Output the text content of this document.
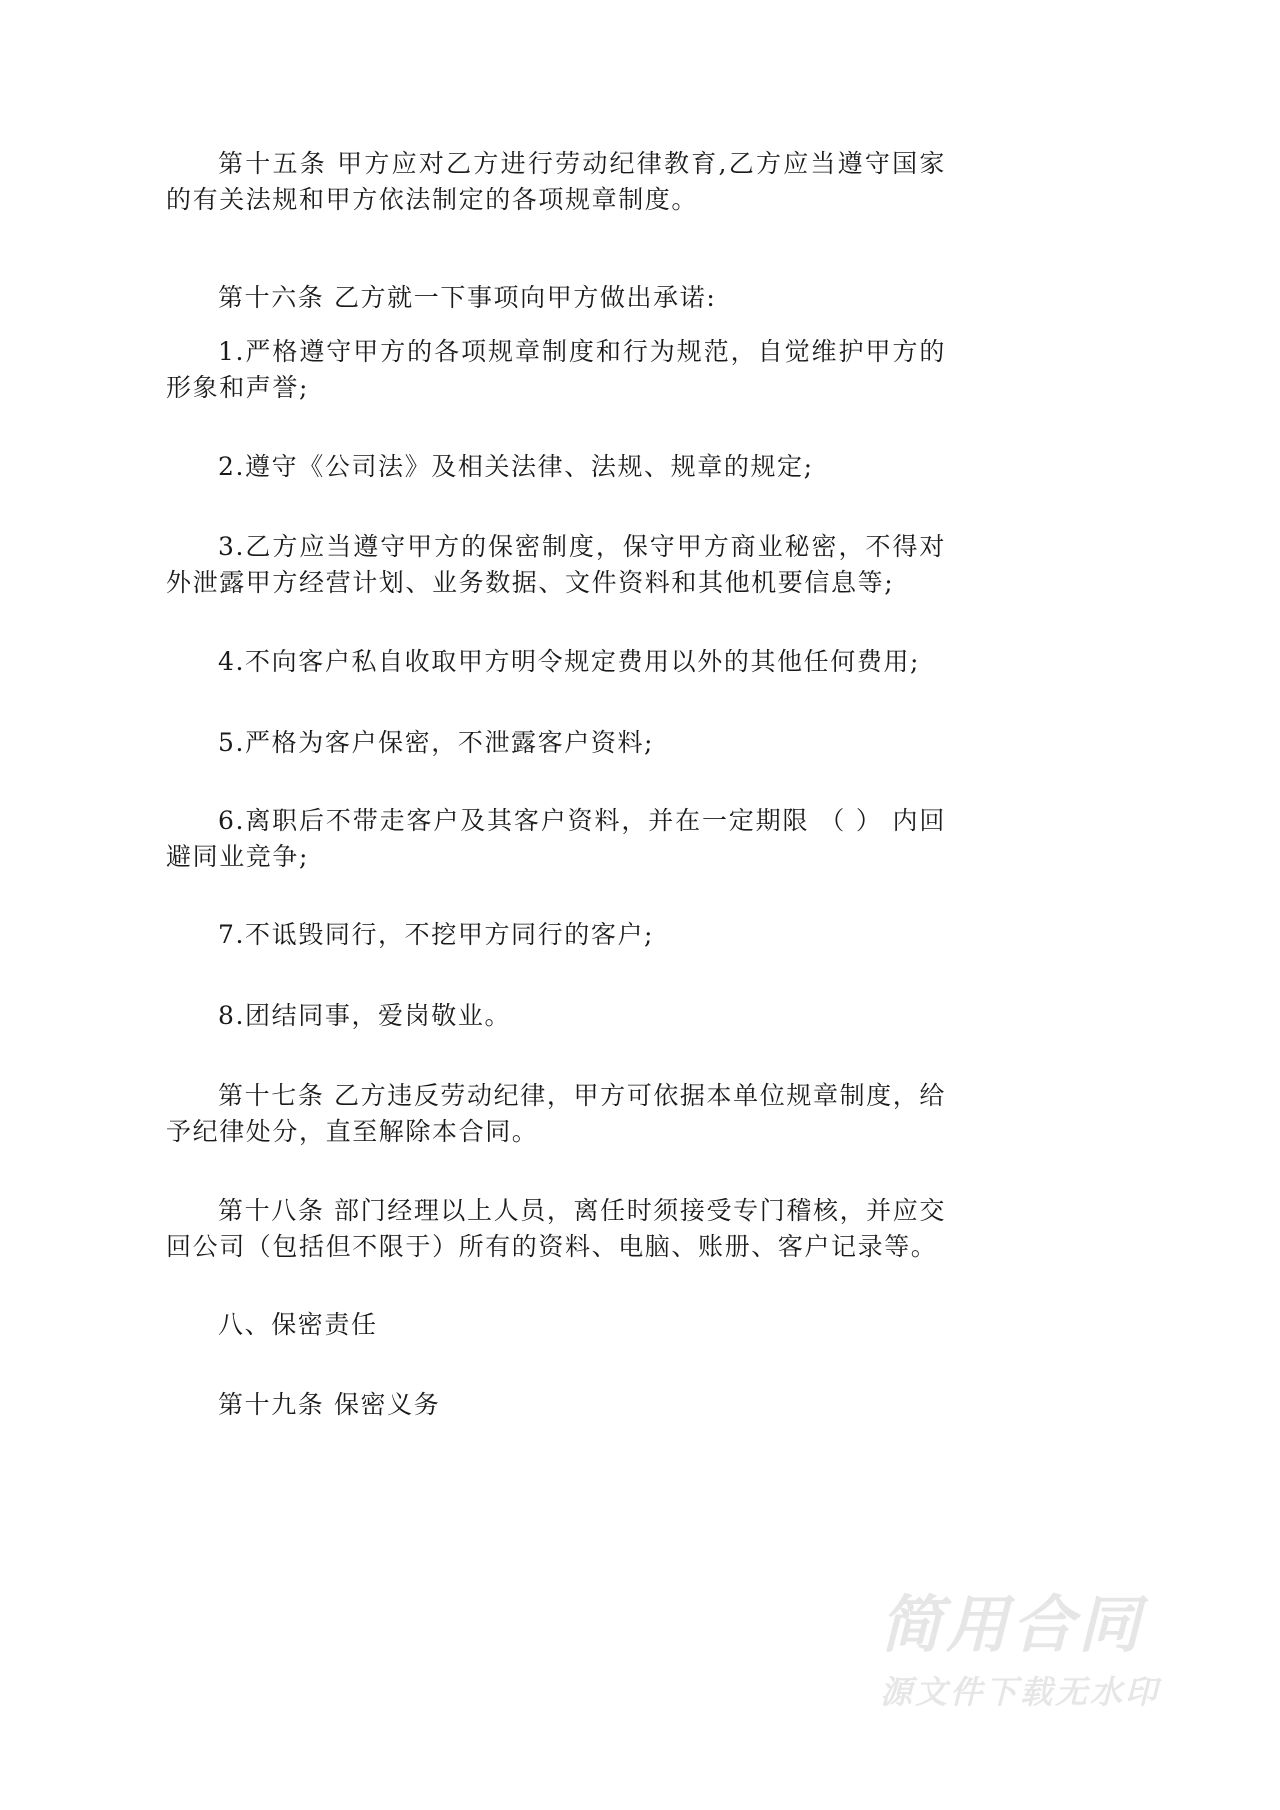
第十五条 甲方应对乙方进行劳动纪律教育,乙方应当遵守国家的有关法规和甲方依法制定的各项规章制度。

第十六条 乙方就一下事项向甲方做出承诺:

1.严格遵守甲方的各项规章制度和行为规范，自觉维护甲方的形象和声誉;

2.遵守《公司法》及相关法律、法规、规章的规定;

3.乙方应当遵守甲方的保密制度，保守甲方商业秘密，不得对外泄露甲方经营计划、业务数据、文件资料和其他机要信息等;

4.不向客户私自收取甲方明令规定费用以外的其他任何费用;

5.严格为客户保密，不泄露客户资料;

6.离职后不带走客户及其客户资料，并在一定期限 （ ） 内回避同业竞争;

7.不诋毁同行，不挖甲方同行的客户;

8.团结同事，爱岗敬业。

第十七条 乙方违反劳动纪律，甲方可依据本单位规章制度，给予纪律处分，直至解除本合同。

第十八条 部门经理以上人员，离任时须接受专门稽核，并应交回公司（包括但不限于）所有的资料、电脑、账册、客户记录等。

八、保密责任

第十九条 保密义务

简用合同
源文件下载无水印
